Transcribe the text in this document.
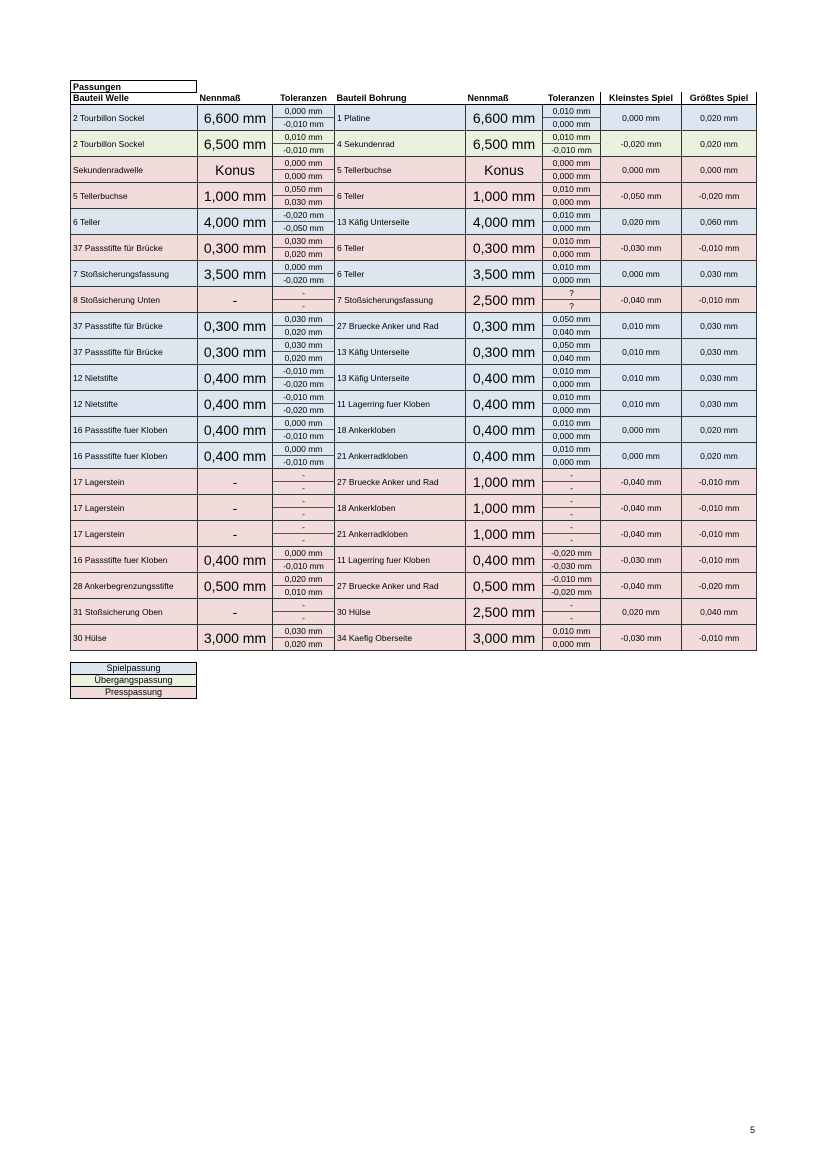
Passungen
Bauteil Welle	Nennmaß	Toleranzen	Bauteil Bohrung	Nennmaß	Toleranzen	Kleinstes Spiel	Größtes Spiel
2 Tourbillon Sockel	6,600 mm	0,000 mm	1 Platine	6,600 mm	0,010 mm	0,000 mm	0,020 mm
		-0,010 mm			0,000 mm		
2 Tourbillon Sockel	6,500 mm	0,010 mm	4 Sekundenrad	6,500 mm	0,010 mm	-0,020 mm	0,020 mm
		-0,010 mm			-0,010 mm		
Sekundenradwelle	Konus	0,000 mm	5 Tellerbuchse	Konus	0,000 mm	0,000 mm	0,000 mm
		0,000 mm			0,000 mm		
5 Tellerbuchse	1,000 mm	0,050 mm	6 Teller	1,000 mm	0,010 mm	-0,050 mm	-0,020 mm
		0,030 mm			0,000 mm		
6 Teller	4,000 mm	-0,020 mm	13 Käfig Unterseite	4,000 mm	0,010 mm	0,020 mm	0,060 mm
		-0,050 mm			0,000 mm		
37 Passstifte für Brücke	0,300 mm	0,030 mm	6 Teller	0,300 mm	0,010 mm	-0,030 mm	-0,010 mm
		0,020 mm			0,000 mm		
7 Stoßsicherungsfassung	3,500 mm	0,000 mm	6 Teller	3,500 mm	0,010 mm	0,000 mm	0,030 mm
		-0,020 mm			0,000 mm		
8 Stoßsicherung Unten	-	-	7 Stoßsicherungsfassung	2,500 mm	?	-0,040 mm	-0,010 mm
		-			?		
37 Passstifte für Brücke	0,300 mm	0,030 mm	27 Bruecke Anker und Rad	0,300 mm	0,050 mm	0,010 mm	0,030 mm
		0,020 mm			0,040 mm		
37 Passstifte für Brücke	0,300 mm	0,030 mm	13 Käfig Unterseite	0,300 mm	0,050 mm	0,010 mm	0,030 mm
		0,020 mm			0,040 mm		
12 Nietstifte	0,400 mm	-0,010 mm	13 Käfig Unterseite	0,400 mm	0,010 mm	0,010 mm	0,030 mm
		-0,020 mm			0,000 mm		
12 Nietstifte	0,400 mm	-0,010 mm	11 Lagerring fuer Kloben	0,400 mm	0,010 mm	0,010 mm	0,030 mm
		-0,020 mm			0,000 mm		
16 Passstifte fuer Kloben	0,400 mm	0,000 mm	18 Ankerkloben	0,400 mm	0,010 mm	0,000 mm	0,020 mm
		-0,010 mm			0,000 mm		
16 Passstifte fuer Kloben	0,400 mm	0,000 mm	21 Ankerradkloben	0,400 mm	0,010 mm	0,000 mm	0,020 mm
		-0,010 mm			0,000 mm		
17 Lagerstein	-	-	27 Bruecke Anker und Rad	1,000 mm	-	-0,040 mm	-0,010 mm
		-			-		
17 Lagerstein	-	-	18 Ankerkloben	1,000 mm	-	-0,040 mm	-0,010 mm
		-			-		
17 Lagerstein	-	-	21 Ankerradkloben	1,000 mm	-	-0,040 mm	-0,010 mm
		-			-		
16 Passstifte fuer Kloben	0,400 mm	0,000 mm	11 Lagerring fuer Kloben	0,400 mm	-0,020 mm	-0,030 mm	-0,010 mm
		-0,010 mm			-0,030 mm		
28 Ankerbegrenzungsstifte	0,500 mm	0,020 mm	27 Bruecke Anker und Rad	0,500 mm	-0,010 mm	-0,040 mm	-0,020 mm
		0,010 mm			-0,020 mm		
31 Stoßsicherung Oben	-	-	30 Hülse	2,500 mm	-	0,020 mm	0,040 mm
		-			-		
30 Hülse	3,000 mm	0,030 mm	34 Kaefig Oberseite	3,000 mm	0,010 mm	-0,030 mm	-0,010 mm
		0,020 mm			0,000 mm		
Spielpassung
Übergangspassung
Presspassung
5
